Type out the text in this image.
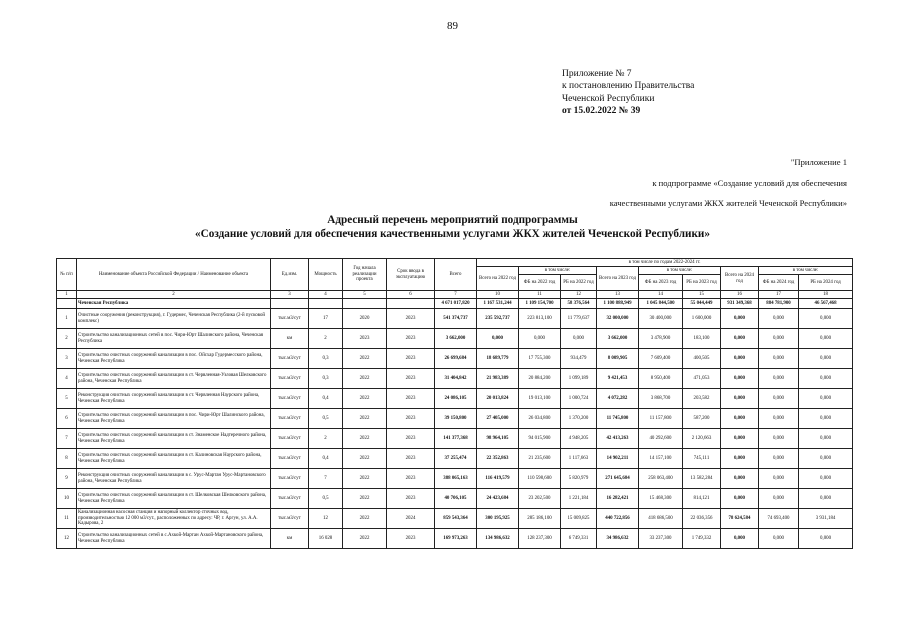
89
Приложение № 7
к постановлению Правительства
Чеченской Республики
от 15.02.2022 № 39
"Приложение 1
к подпрограмме «Создание условий для обеспечения
качественными услугами ЖКХ жителей Чеченской Республики»
Адресный перечень мероприятий подпрограммы
«Создание условий для обеспечения качественными услугами ЖКХ жителей Чеченской Республики»
№ п/п	Наименование объекта Российской Федерации / Наименование объекта	Ед.изм.	Мощность	Год начала реализации проекта	Срок ввода в эксплуатацию	Всего	в том числе по годам 2022-2024 гг.								
							Всего на 2022 год	в том числе:		Всего на 2023 год	в том числе:		Всего на 2024 год	в том числе:	
								ФБ на 2022 год	РБ на 2022 год		ФБ на 2023 год	РБ на 2023 год		ФБ на 2024 год	РБ на 2024 год
1	2	3	4	5	6	7	10	11	12	13	14	15	16	17	18
	Чеченская Республика					4 671 017,820	1 167 531,244	1 109 154,700	58 376,564	1 100 888,949	1 045 844,500	55 044,449	931 349,368	884 781,900	46 567,468
1	Очистные сооружения (реконструкция), г. Гудермес, Чеченская Республика (2-й пусковой комплекс)	тыс.м3/сут	17	2020	2023	541 374,737	235 592,737	223 813,100	11 779,637	32 000,000	30 400,000	1 600,000	0,000	0,000	0,000
2	Строительство канализационных сетей в пос. Чири-Юрт Шалинского района, Чеченская Республика	км	2	2023	2023	3 662,000	0,000	0,000	0,000	3 662,000	3 478,900	183,100	0,000	0,000	0,000
3	Строительство очистных сооружений канализации в пос. Ойсхар Гудермесского района, Чеченская Республика	тыс.м3/сут	0,3	2022	2023	26 699,684	18 689,779	17 755,300	934,479	8 009,905	7 609,400	400,505	0,000	0,000	0,000
4	Строительство очистных сооружений канализации в ст. Червленная-Узловая Шелковского района, Чеченская Республика	тыс.м3/сут	0,3	2022	2023	31 404,842	21 983,389	20 884,200	1 099,189	9 421,453	8 950,400	471,053	0,000	0,000	0,000
5	Реконструкция очистных сооружений канализации в ст. Червленная Наурского района, Чеченская Республика	тыс.м3/сут	0,4	2022	2023	24 086,105	20 013,824	19 013,100	1 000,724	4 072,282	3 868,700	203,582	0,000	0,000	0,000
6	Строительство очистных сооружений канализации в пос. Чири-Юрт Шалинского района, Чеченская Республика	тыс.м3/сут	0,5	2022	2023	39 150,800	27 405,000	26 034,800	1 370,200	11 745,800	11 157,800	587,200	0,000	0,000	0,000
7	Строительство очистных сооружений канализации в ст. Знаменское Надтеречного района, Чеченская Республика	тыс.м3/сут	2	2022	2023	141 377,368	98 964,105	94 015,900	4 948,205	42 413,263	40 292,600	2 120,663	0,000	0,000	0,000
8	Строительство очистных сооружений канализации в ст. Калиновская Наурского района, Чеченская Республика	тыс.м3/сут	0,4	2022	2023	37 255,474	22 352,863	21 235,600	1 117,663	14 902,211	14 157,100	745,111	0,000	0,000	0,000
9	Реконструкция очистных сооружений канализации в с. Урус-Мартан Урус-Мартановского района, Чеченская Республика	тыс.м3/сут	7	2022	2023	388 065,163	116 419,579	110 598,600	5 820,979	271 645,684	258 063,400	13 582,284	0,000	0,000	0,000
10	Строительство очистных сооружений канализации в ст. Шелковская Шелковского района, Чеченская Республика	тыс.м3/сут	0,5	2022	2023	40 706,105	24 423,684	23 202,500	1 221,184	16 282,421	15 468,300	814,121	0,000	0,000	0,000
11	Канализационная насосная станция и напорный коллектор сточных вод, производительностью 12 000 м3/сут., расположенных по адресу: ЧР, г. Аргун, ул. А.А. Кадырова, 2	тыс.м3/сут	12	2022	2024	859 543,364	300 195,925	285 186,100	15 009,825	440 722,856	418 686,500	22 036,356	78 624,584	74 693,400	3 931,184
12	Строительство канализационных сетей в с.Ахкой-Мартан Ахкой-Мартановского района, Чеченская Республика	км	16 028	2022	2023	169 973,263	134 986,632	128 237,300	6 749,331	34 986,632	33 237,300	1 749,332	0,000	0,000	0,000
